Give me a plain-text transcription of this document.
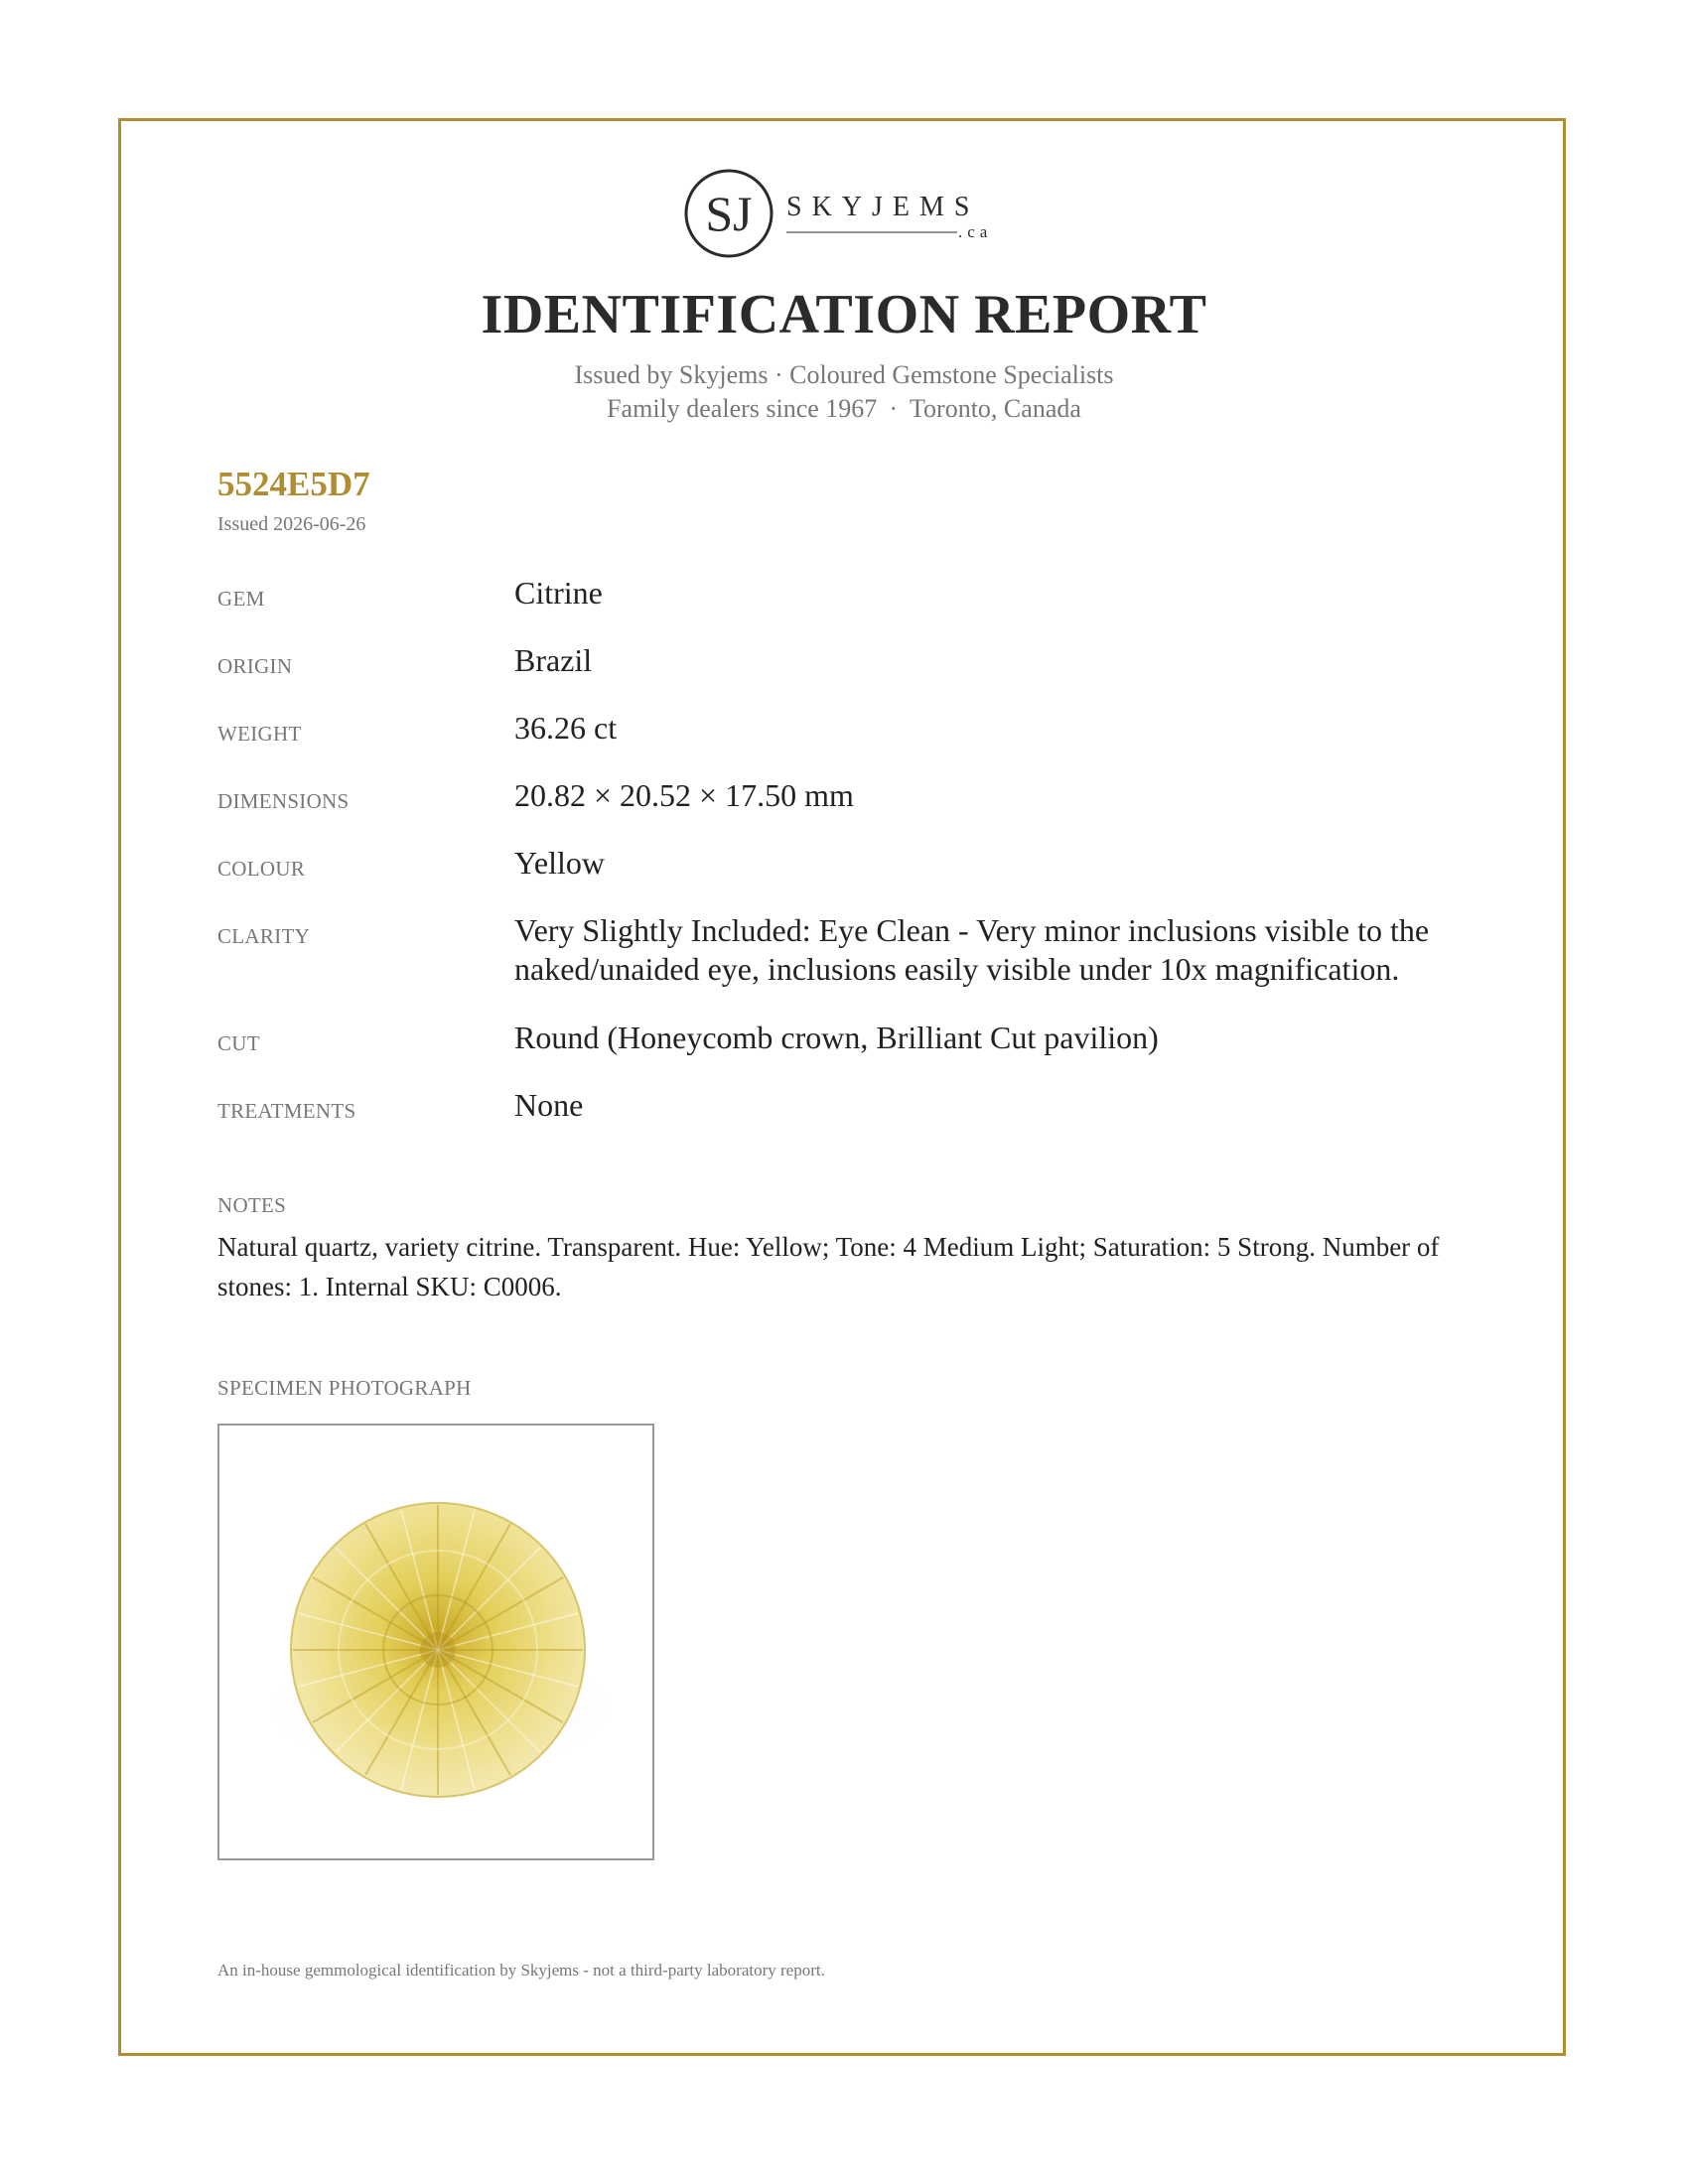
SJ SKYJEMS
.ca
IDENTIFICATION REPORT
Issued by Skyjems · Coloured Gemstone Specialists
Family dealers since 1967 · Toronto, Canada
5524E5D7
Issued 2026-06-26
GEM	Citrine
ORIGIN	Brazil
WEIGHT	36.26 ct
DIMENSIONS	20.82 × 20.52 × 17.50 mm
COLOUR	Yellow
CLARITY	Very Slightly Included: Eye Clean - Very minor inclusions visible to the naked/unaided eye, inclusions easily visible under 10x magnification.
CUT	Round (Honeycomb crown, Brilliant Cut pavilion)
TREATMENTS	None
NOTES
Natural quartz, variety citrine. Transparent. Hue: Yellow; Tone: 4 Medium Light; Saturation: 5 Strong. Number of stones: 1. Internal SKU: C0006.
SPECIMEN PHOTOGRAPH
An in-house gemmological identification by Skyjems - not a third-party laboratory report.
